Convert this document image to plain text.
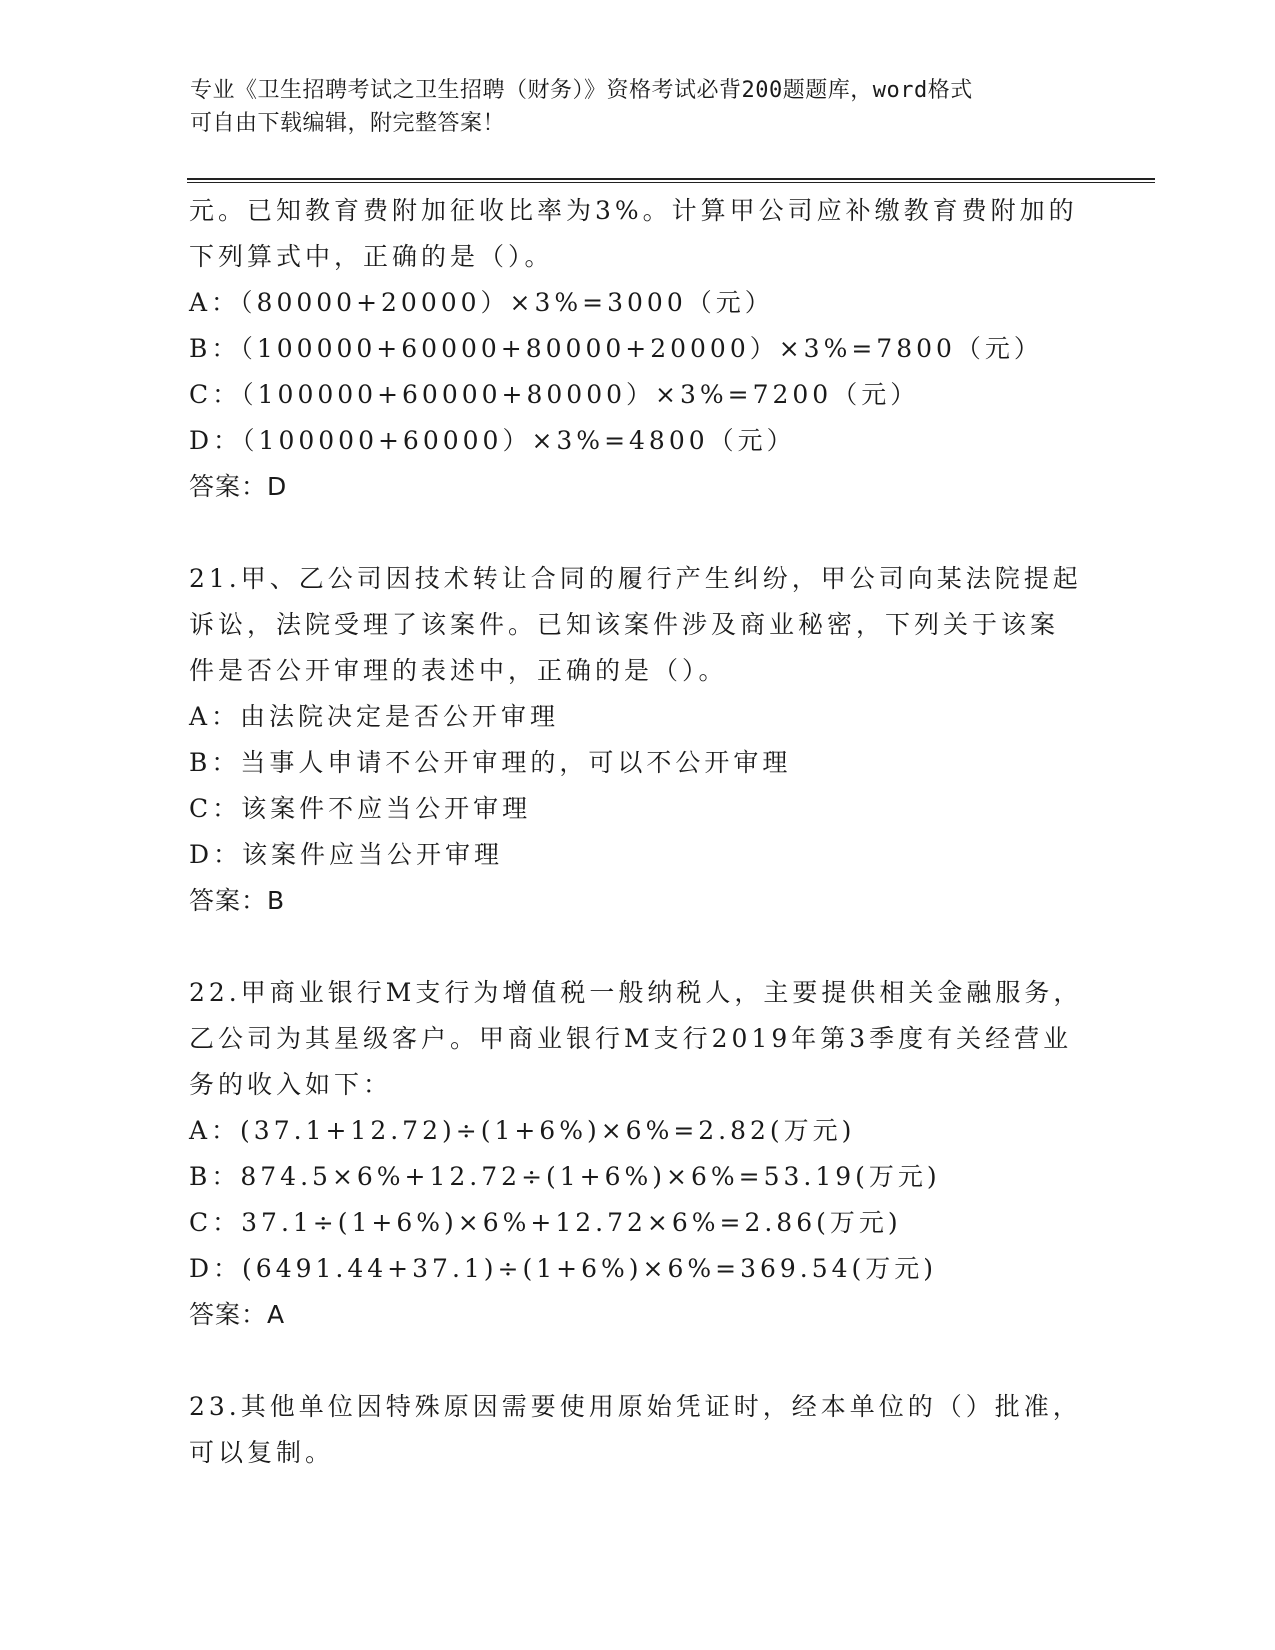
专业《卫生招聘考试之卫生招聘（财务）》资格考试必背200题题库，word格式
可自由下载编辑，附完整答案！
元。已知教育费附加征收比率为3%。计算甲公司应补缴教育费附加的
下列算式中，正确的是（）。
A：（80000+20000）×3%=3000（元）
B：（100000+60000+80000+20000）×3%=7800（元）
C：（100000+60000+80000）×3%=7200（元）
D：（100000+60000）×3%=4800（元）
答案：D
21.甲、乙公司因技术转让合同的履行产生纠纷，甲公司向某法院提起
诉讼，法院受理了该案件。已知该案件涉及商业秘密，下列关于该案
件是否公开审理的表述中，正确的是（）。
A：由法院决定是否公开审理
B：当事人申请不公开审理的，可以不公开审理
C：该案件不应当公开审理
D：该案件应当公开审理
答案：B
22.甲商业银行M支行为增值税一般纳税人，主要提供相关金融服务，
乙公司为其星级客户。甲商业银行M支行2019年第3季度有关经营业
务的收入如下：
A：(37.1+12.72)÷(1+6%)×6%=2.82(万元)
B：874.5×6%+12.72÷(1+6%)×6%=53.19(万元)
C：37.1÷(1+6%)×6%+12.72×6%=2.86(万元)
D：(6491.44+37.1)÷(1+6%)×6%=369.54(万元)
答案：A
23.其他单位因特殊原因需要使用原始凭证时，经本单位的（）批准，
可以复制。
